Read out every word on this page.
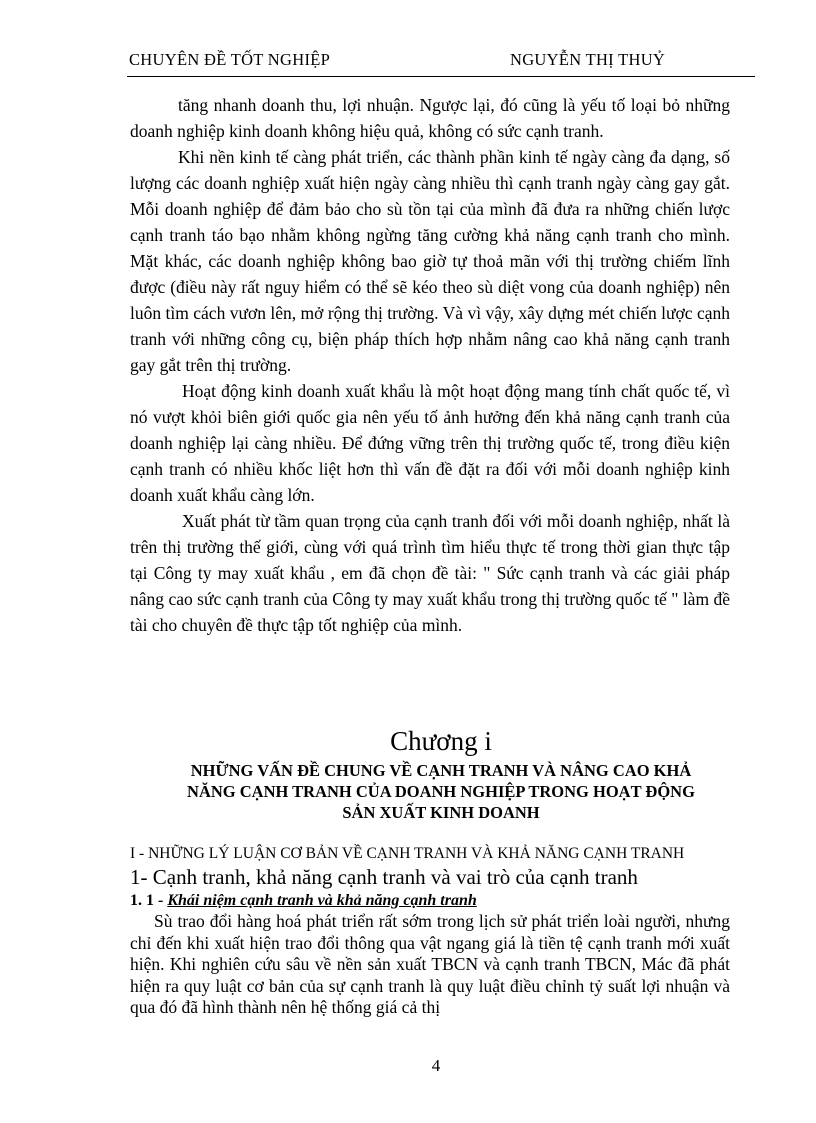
CHUYÊN ĐỀ TỐT NGHIỆP	NGUYỄN THỊ THUỶ

tăng nhanh doanh thu, lợi nhuận. Ngược lại, đó cũng là yếu tố loại bỏ những doanh nghiệp kinh doanh không hiệu quả, không có sức cạnh tranh.

Khi nền kinh tế càng phát triển, các thành phần kinh tế ngày càng đa dạng, số lượng các doanh nghiệp xuất hiện ngày càng nhiều thì cạnh tranh ngày càng gay gắt. Mỗi doanh nghiệp để đảm bảo cho sù tồn tại của mình đã đưa ra những chiến lược cạnh tranh táo bạo nhằm không ngừng tăng cường khả năng cạnh tranh cho mình. Mặt khác, các doanh nghiệp không bao giờ tự thoả mãn với thị trường chiếm lĩnh được (điều này rất nguy hiểm có thể sẽ kéo theo sù diệt vong của doanh nghiệp) nên luôn tìm cách vươn lên, mở rộng thị trường. Và vì vậy, xây dựng mét chiến lược cạnh tranh với những công cụ, biện pháp thích hợp nhằm nâng cao khả năng cạnh tranh gay gắt trên thị trường.

Hoạt động kinh doanh xuất khẩu là một hoạt động mang tính chất quốc tế, vì nó vượt khỏi biên giới quốc gia nên yếu tố ảnh hưởng đến khả năng cạnh tranh của doanh nghiệp lại càng nhiều. Để đứng vững trên thị trường quốc tế, trong điều kiện cạnh tranh có nhiều khốc liệt hơn thì vấn đề đặt ra đối với mỗi doanh nghiệp kinh doanh xuất khẩu càng lớn.

Xuất phát từ tầm quan trọng của cạnh tranh đối với mỗi doanh nghiệp, nhất là trên thị trường thế giới, cùng với quá trình tìm hiểu thực tế trong thời gian thực tập tại Công ty may xuất khẩu , em đã chọn đề tài: " Sức cạnh tranh và các giải pháp nâng cao sức cạnh tranh của Công ty may xuất khẩu trong thị trường quốc tế " làm đề tài cho chuyên đề thực tập tốt nghiệp của mình.

Chương i
NHỮNG VẤN ĐỀ CHUNG VỀ CẠNH TRANH VÀ NÂNG CAO KHẢ
NĂNG CẠNH TRANH CỦA DOANH NGHIỆP TRONG HOẠT ĐỘNG
SẢN XUẤT KINH DOANH
I - NHỮNG LÝ LUẬN CƠ BẢN VỀ CẠNH TRANH VÀ KHẢ NĂNG CẠNH TRANH
1- Cạnh tranh, khả năng cạnh tranh và vai trò của cạnh tranh
1. 1 - Khái niệm cạnh tranh và khả năng cạnh tranh

Sù trao đổi hàng hoá phát triển rất sớm trong lịch sử phát triển loài người, nhưng chỉ đến khi xuất hiện trao đổi thông qua vật ngang giá là tiền tệ cạnh tranh mới xuất hiện. Khi nghiên cứu sâu về nền sản xuất TBCN và cạnh tranh TBCN, Mác đã phát hiện ra quy luật cơ bản của sự cạnh tranh là quy luật điều chỉnh tỷ suất lợi nhuận và qua đó đã hình thành nên hệ thống giá cả thị

4
